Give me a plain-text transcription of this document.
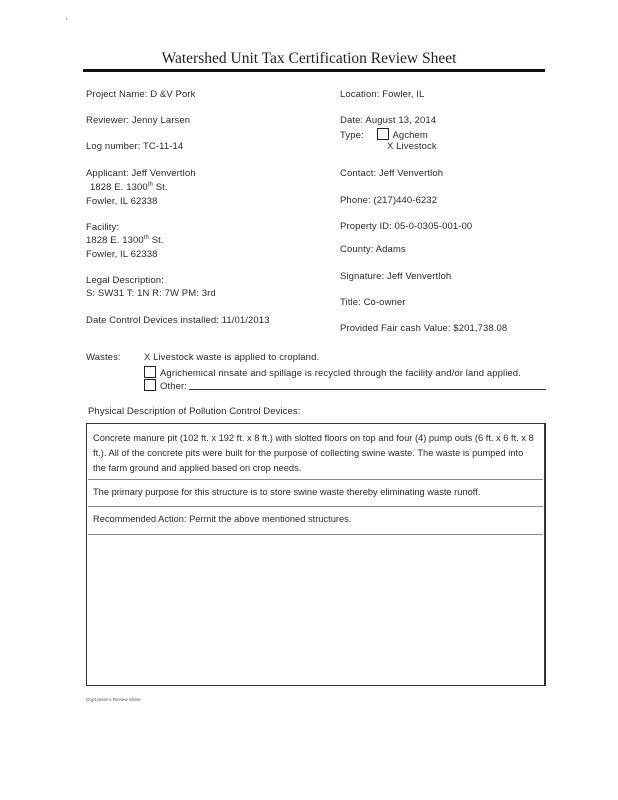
'
Watershed Unit Tax Certification Review Sheet
Project Name: D &V Pork
Reviewer: Jenny Larsen
Log number: TC-11-14
Applicant: Jeff Venvertloh
1828 E. 1300th St.
Fowler, IL 62338
Facility:
1828 E. 1300th St.
Fowler, IL 62338
Legal Description:
S: SW31 T: 1N R: 7W PM: 3rd
Date Control Devices installed: 11/01/2013
Location: Fowler, IL
Date: August 13, 2014
Type:	Agchem
X Livestock
Contact: Jeff Venvertloh
Phone: (217)440-6232
Property ID: 05-0-0305-001-00
County: Adams
Signature: Jeff Venvertloh
Title: Co-owner
Provided Fair cash Value: $201,738.08
Wastes: X Livestock waste is applied to cropland.
Agrichemical rinsate and spillage is recycled through the facility and/or land applied.
Other:
Physical Description of Pollution Control Devices:
Concrete manure pit (102 ft. x 192 ft. x 8 ft.) with slotted floors on top and four (4) pump outs (6 ft. x 6 ft. x 8 ft.). All of the concrete pits were built for the purpose of collecting swine waste. The waste is pumped into the farm ground and applied based on crop needs.
The primary purpose for this structure is to store swine waste thereby eliminating waste runoff.
Recommended Action: Permit the above mentioned structures.
Org/Larsen's Review Sheet
